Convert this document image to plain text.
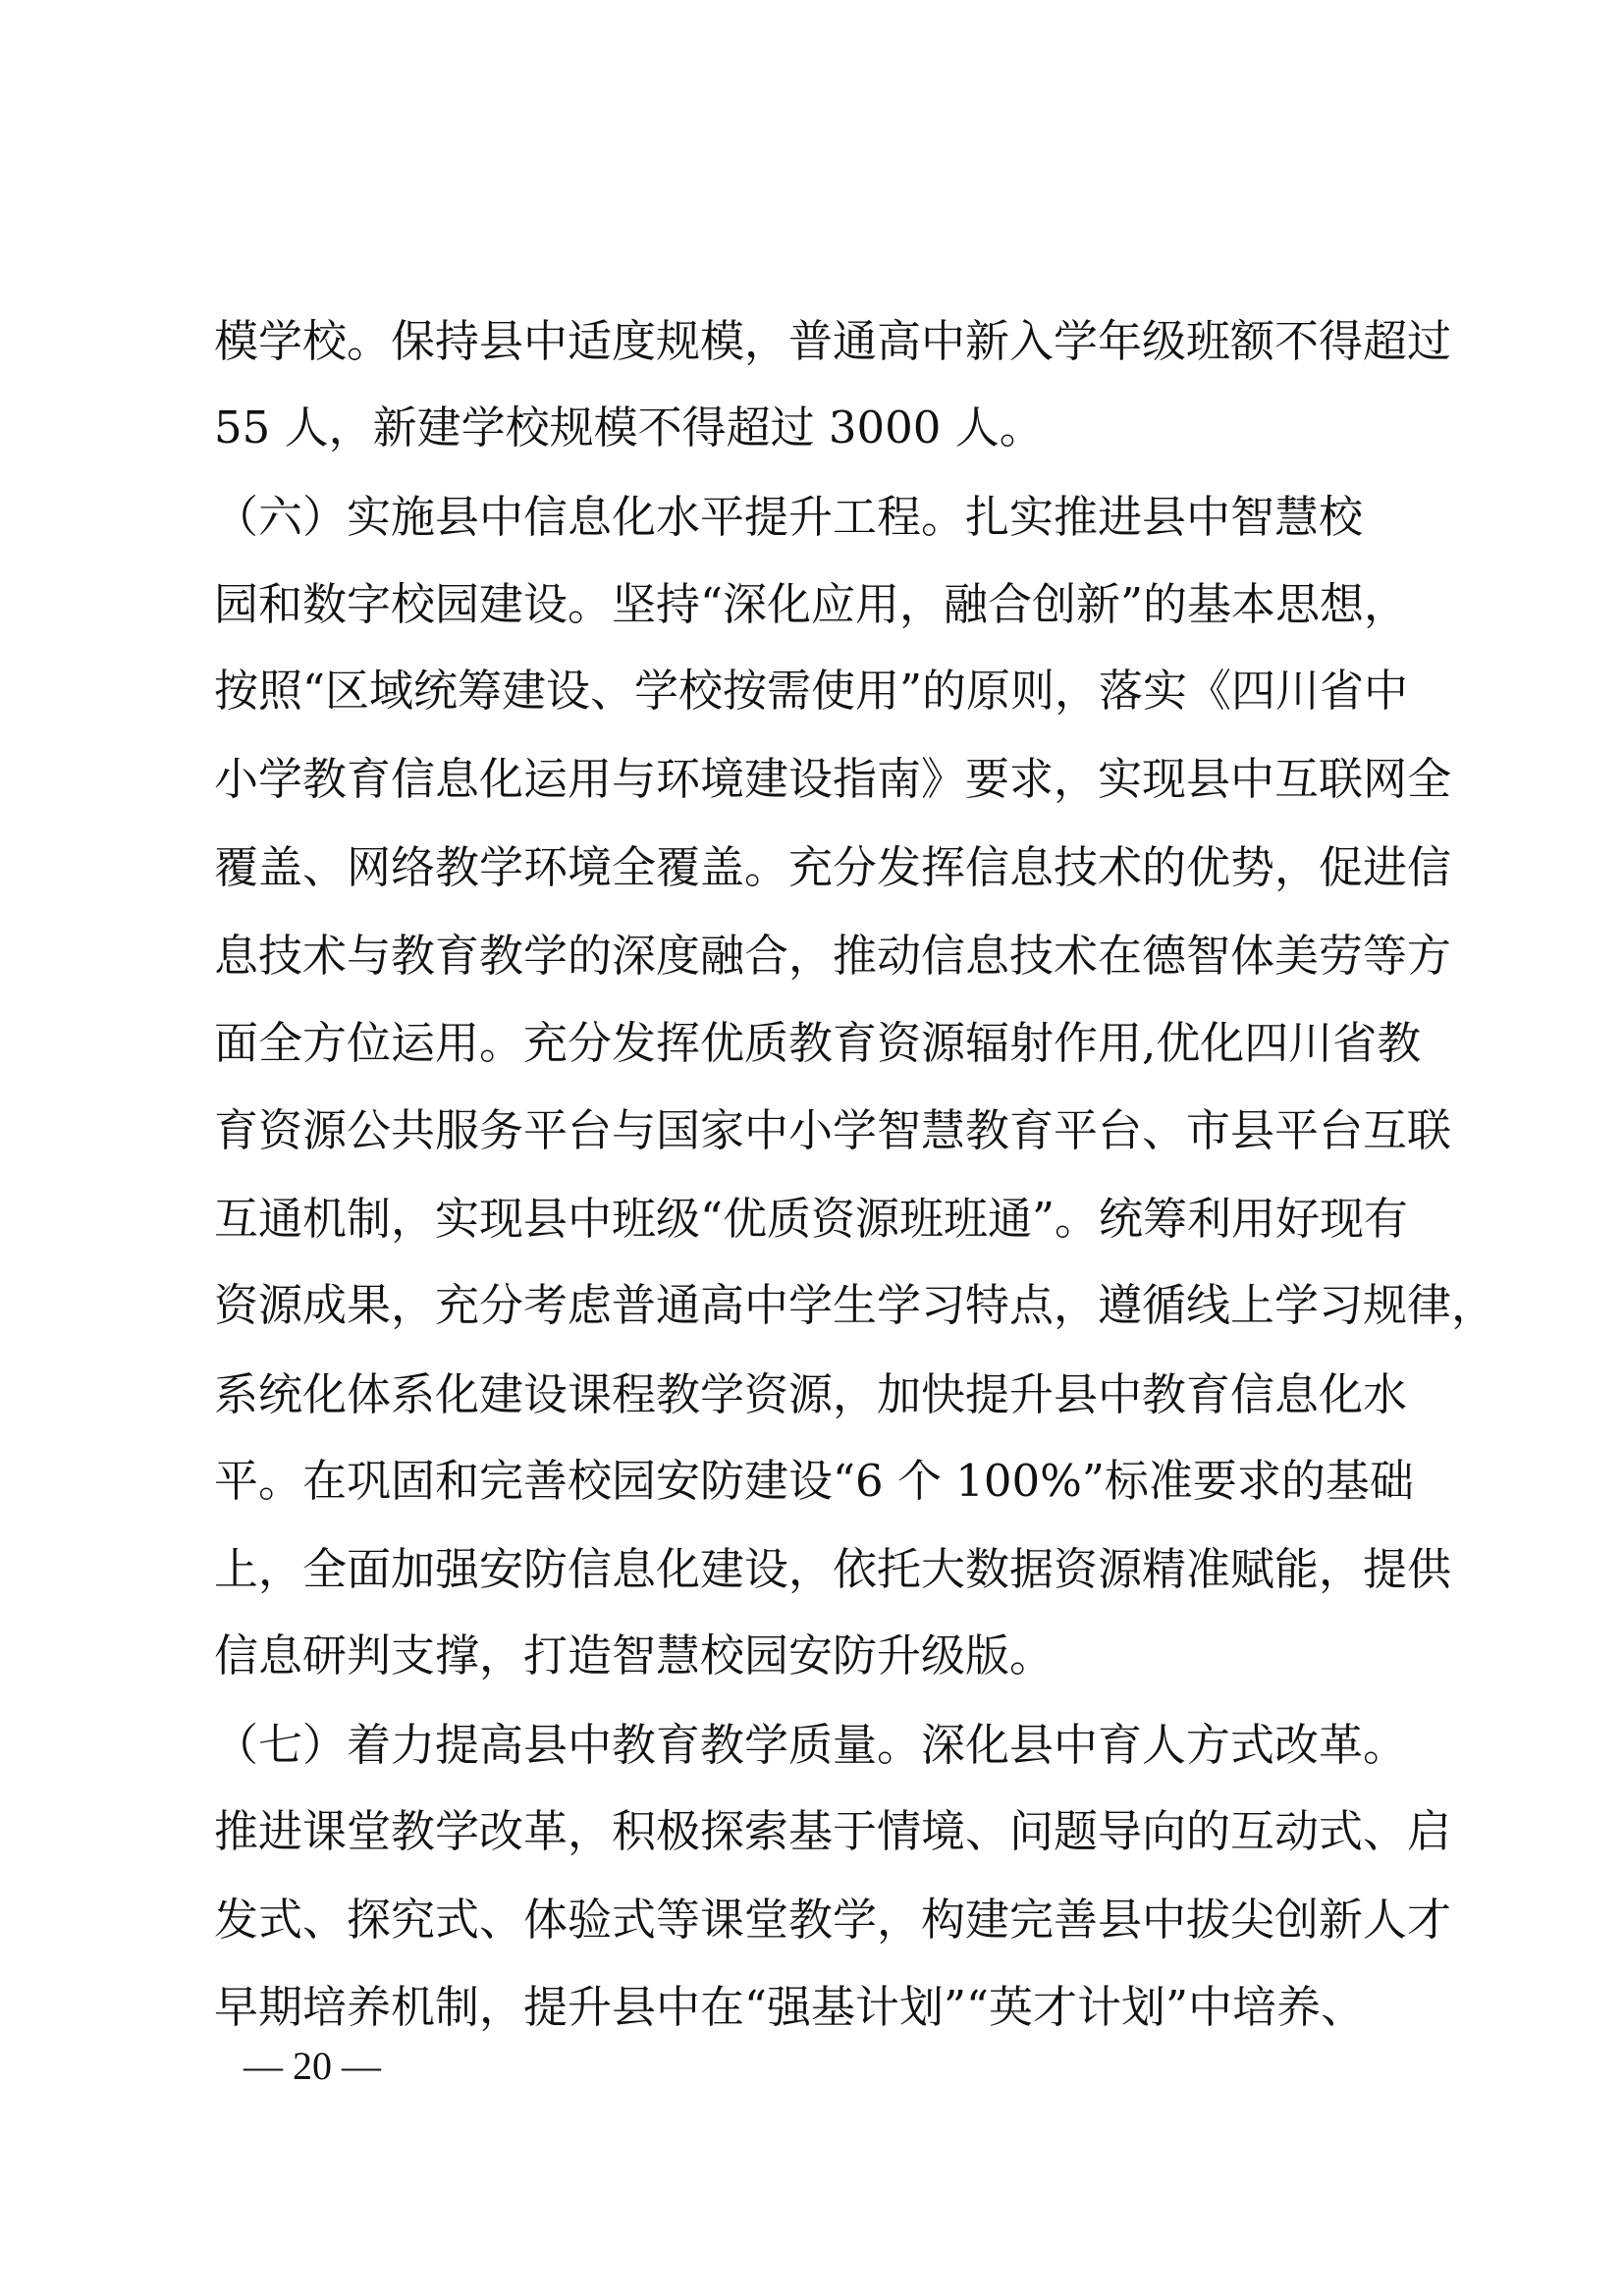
模学校。保持县中适度规模，普通高中新入学年级班额不得超过
55 人，新建学校规模不得超过 3000 人。
（六）实施县中信息化水平提升工程。扎实推进县中智慧校
园和数字校园建设。坚持“深化应用，融合创新”的基本思想，
按照“区域统筹建设、学校按需使用”的原则，落实《四川省中
小学教育信息化运用与环境建设指南》要求，实现县中互联网全
覆盖、网络教学环境全覆盖。充分发挥信息技术的优势，促进信
息技术与教育教学的深度融合，推动信息技术在德智体美劳等方
面全方位运用。充分发挥优质教育资源辐射作用,优化四川省教
育资源公共服务平台与国家中小学智慧教育平台、市县平台互联
互通机制，实现县中班级“优质资源班班通”。统筹利用好现有
资源成果，充分考虑普通高中学生学习特点，遵循线上学习规律，
系统化体系化建设课程教学资源，加快提升县中教育信息化水
平。在巩固和完善校园安防建设“6 个 100%”标准要求的基础
上，全面加强安防信息化建设，依托大数据资源精准赋能，提供
信息研判支撑，打造智慧校园安防升级版。
（七）着力提高县中教育教学质量。深化县中育人方式改革。
推进课堂教学改革，积极探索基于情境、问题导向的互动式、启
发式、探究式、体验式等课堂教学，构建完善县中拔尖创新人才
早期培养机制，提升县中在“强基计划”“英才计划”中培养、
— 20 —
